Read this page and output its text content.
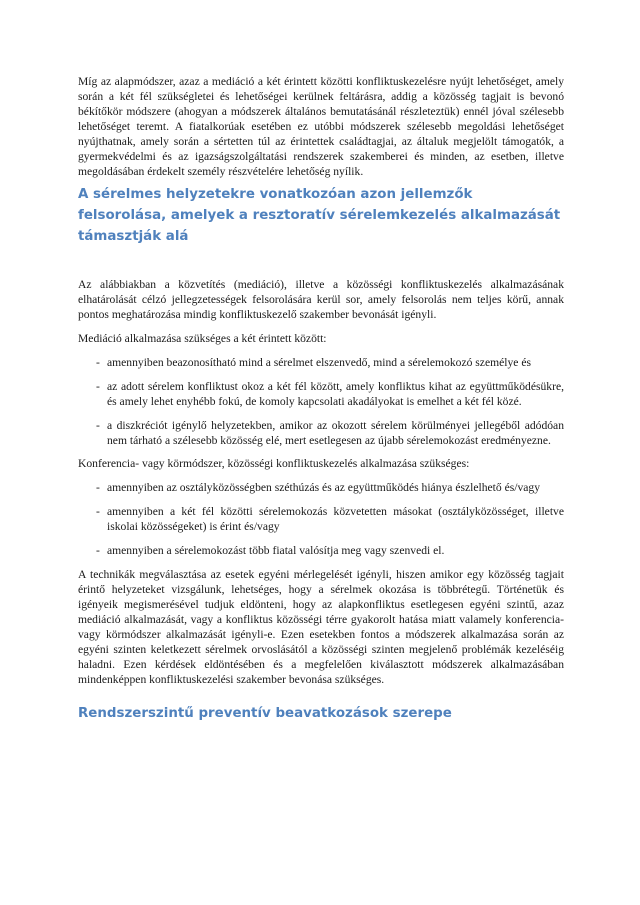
Míg az alapmódszer, azaz a mediáció a két érintett közötti konfliktuskezelésre nyújt lehetőséget, amely során a két fél szükségletei és lehetőségei kerülnek feltárásra, addig a közösség tagjait is bevonó békítőkör módszere (ahogyan a módszerek általános bemutatásánál részleteztük) ennél jóval szélesebb lehetőséget teremt. A fiatalkorúak esetében ez utóbbi módszerek szélesebb megoldási lehetőséget nyújthatnak, amely során a sértetten túl az érintettek családtagjai, az általuk megjelölt támogatók, a gyermekvédelmi és az igazságszolgáltatási rendszerek szakemberei és minden, az esetben, illetve megoldásában érdekelt személy részvételére lehetőség nyílik.

A sérelmes helyzetekre vonatkozóan azon jellemzők felsorolása, amelyek a resztoratív sérelemkezelés alkalmazását támasztják alá

Az alábbiakban a közvetítés (mediáció), illetve a közösségi konfliktuskezelés alkalmazásának elhatárolását célzó jellegzetességek felsorolására kerül sor, amely felsorolás nem teljes körű, annak pontos meghatározása mindig konfliktuskezelő szakember bevonását igényli.

Mediáció alkalmazása szükséges a két érintett között:

- amennyiben beazonosítható mind a sérelmet elszenvedő, mind a sérelemokozó személye és
- az adott sérelem konfliktust okoz a két fél között, amely konfliktus kihat az együttműködésükre, és amely lehet enyhébb fokú, de komoly kapcsolati akadályokat is emelhet a két fél közé.
- a diszkréciót igénylő helyzetekben, amikor az okozott sérelem körülményei jellegéből adódóan nem tárható a szélesebb közösség elé, mert esetlegesen az újabb sérelemokozást eredményezne.

Konferencia- vagy körmódszer, közösségi konfliktuskezelés alkalmazása szükséges:

- amennyiben az osztályközösségben széthúzás és az együttműködés hiánya észlelhető és/vagy
- amennyiben a két fél közötti sérelemokozás közvetetten másokat (osztályközösséget, illetve iskolai közösségeket) is érint és/vagy
- amennyiben a sérelemokozást több fiatal valósítja meg vagy szenvedi el.

A technikák megválasztása az esetek egyéni mérlegelését igényli, hiszen amikor egy közösség tagjait érintő helyzeteket vizsgálunk, lehetséges, hogy a sérelmek okozása is többrétegű. Történetük és igényeik megismerésével tudjuk eldönteni, hogy az alapkonfliktus esetlegesen egyéni szintű, azaz mediáció alkalmazását, vagy a konfliktus közösségi térre gyakorolt hatása miatt valamely konferencia- vagy körmódszer alkalmazását igényli-e. Ezen esetekben fontos a módszerek alkalmazása során az egyéni szinten keletkezett sérelmek orvoslásától a közösségi szinten megjelenő problémák kezeléséig haladni. Ezen kérdések eldöntésében és a megfelelően kiválasztott módszerek alkalmazásában mindenképpen konfliktuskezelési szakember bevonása szükséges.

Rendszerszintű preventív beavatkozások szerepe
